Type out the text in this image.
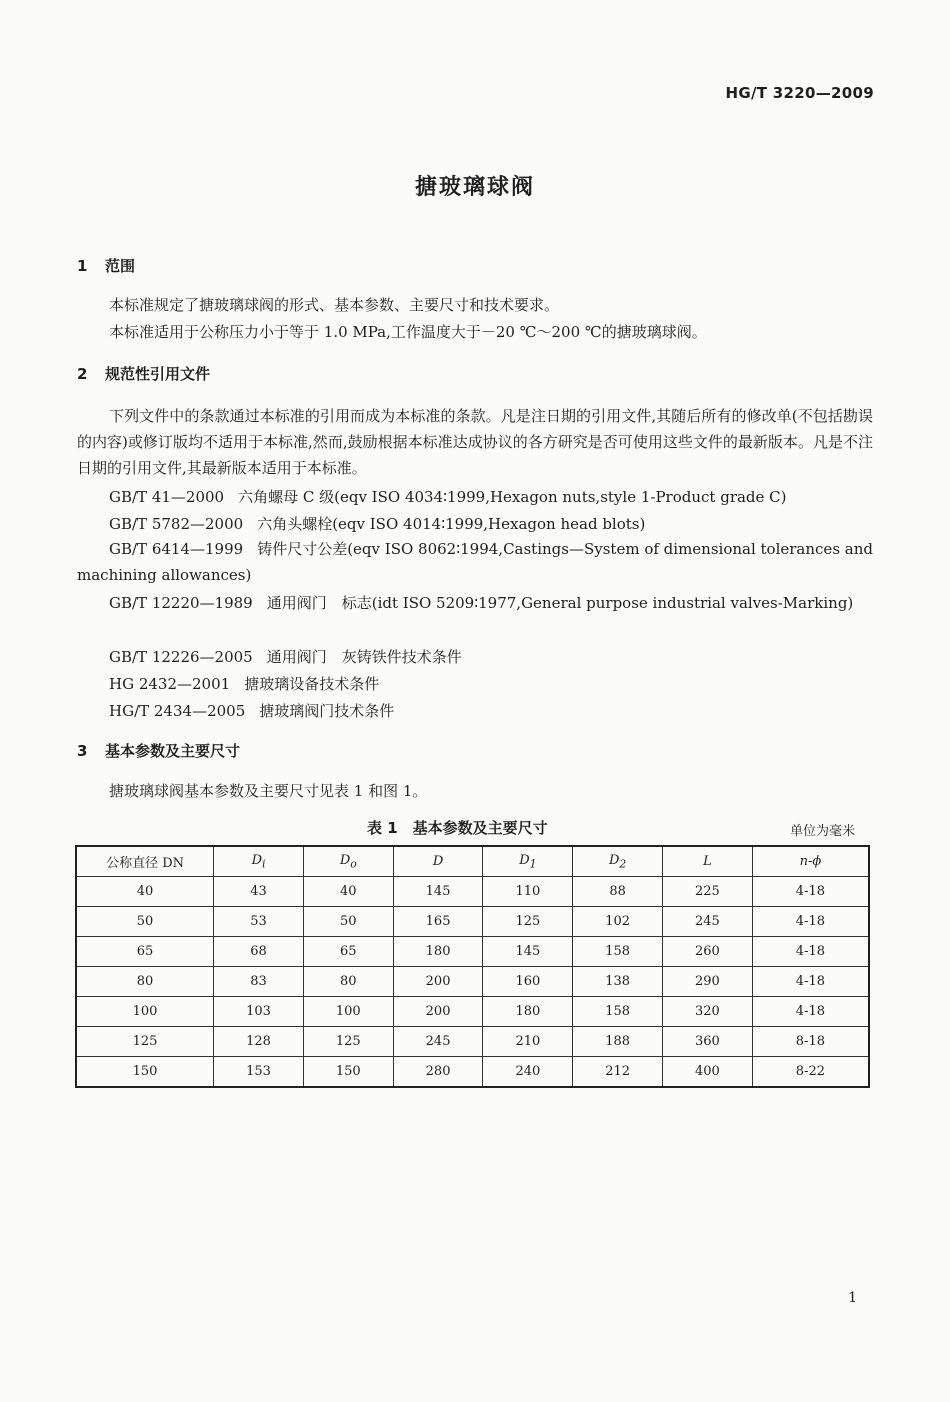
HG/T 3220—2009
搪玻璃球阀
1 范围
本标准规定了搪玻璃球阀的形式、基本参数、主要尺寸和技术要求。
本标准适用于公称压力小于等于 1.0 MPa,工作温度大于－20 ℃～200 ℃的搪玻璃球阀。
2 规范性引用文件
下列文件中的条款通过本标准的引用而成为本标准的条款。凡是注日期的引用文件,其随后所有的修改单(不包括勘误的内容)或修订版均不适用于本标准,然而,鼓励根据本标准达成协议的各方研究是否可使用这些文件的最新版本。凡是不注日期的引用文件,其最新版本适用于本标准。
GB/T 41—2000 六角螺母 C 级(eqv ISO 4034∶1999,Hexagon nuts,style 1-Product grade C)
GB/T 5782—2000 六角头螺栓(eqv ISO 4014∶1999,Hexagon head blots)
GB/T 6414—1999 铸件尺寸公差(eqv ISO 8062∶1994,Castings—System of dimensional tolerances and machining allowances)
GB/T 12220—1989 通用阀门　标志(idt ISO 5209∶1977,General purpose industrial valves-Marking)
GB/T 12226—2005 通用阀门　灰铸铁件技术条件
HG 2432—2001 搪玻璃设备技术条件
HG/T 2434—2005 搪玻璃阀门技术条件
3 基本参数及主要尺寸
搪玻璃球阀基本参数及主要尺寸见表 1 和图 1。
表 1　基本参数及主要尺寸	单位为毫米
公称直径 DN	$D_i$	$D_o$	D	$D_1$	$D_2$	L	n-ϕ
40	43	40	145	110	88	225	4-18
50	53	50	165	125	102	245	4-18
65	68	65	180	145	158	260	4-18
80	83	80	200	160	138	290	4-18
100	103	100	200	180	158	320	4-18
125	128	125	245	210	188	360	8-18
150	153	150	280	240	212	400	8-22
1
